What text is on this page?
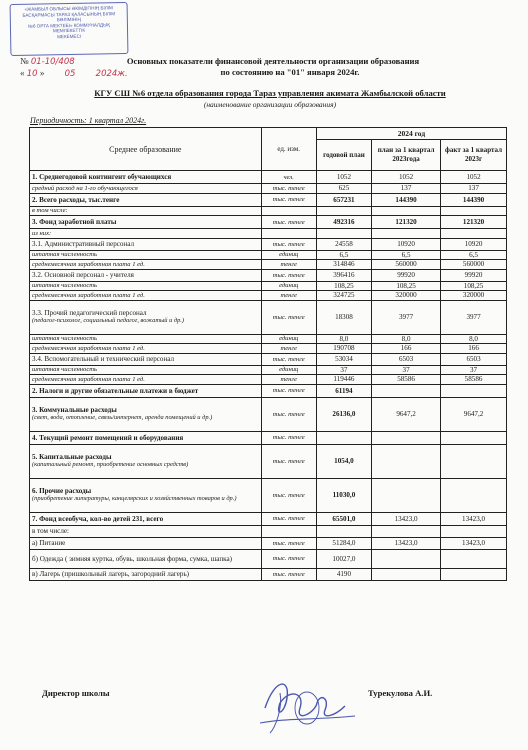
«ЖАМБЫЛ ОБЛЫСЫ ӘКІМДІГІНІҢ БІЛІМ
БАСҚАРМАСЫ ТАРАЗ ҚАЛАСЫНЫҢ БІЛІМ БӨЛІМІНІҢ
№6 ОРТА МЕКТЕБІ» КОММУНАЛДЫҚ МЕМЛЕКЕТТІК
МЕКЕМЕСІ
№ 01-10/408
« 10 » 05 2024ж.
Основных показатели финансовой деятельности организации образования
по состоянию на "01" января 2024г.
КГУ СШ №6 отдела образования города Тараз управления акимата Жамбылской области
(наименование организации образования)
Периодичность: 1 квартал 2024г.
Среднее образование	ед. изм.	2024 год		
		годовой план	план за 1 квартал 2023года	факт за 1 квартал 2023г
1. Среднегодовой контингент обучающихся	чел.	1052	1052	1052
средний расход на 1-го обучающегося	тыс. тенге	625	137	137
2. Всего расходы, тыс.тенге	тыс. тенге	657231	144390	144390
в том числе:				
3. Фонд заработной платы	тыс. тенге	492316	121320	121320
из них:				
3.1. Административный персонал	тыс. тенге	24558	10920	10920
штатная численность	единиц	6,5	6,5	6,5
среднемесячная заработная плата 1 ед.	тенге	314846	560000	560000
3.2. Основной персонал - учителя	тыс. тенге	396416	99920	99920
штатная численность	единиц	108,25	108,25	108,25
среднемесячная заработная плата 1 ед.	тенге	324725	320000	320000
3.3. Прочий педагогический персонал
(педагог-психолог, социальный педагог, вожатый и др.)	тыс. тенге	18308	3977	3977
штатная численность	единиц	8,0	8,0	8,0
среднемесячная заработная плата 1 ед.	тенге	190708	166	166
3.4. Вспомогательный и технический персонал	тыс. тенге	53034	6503	6503
штатная численность	единиц	37	37	37
среднемесячная заработная плата 1 ед.	тенге	119446	58586	58586
2. Налоги и другие обязательные платежи в бюджет	тыс. тенге	61194		
3. Коммунальные расходы
(свет, вода, отопление, связь/интернет, аренда помещений и др.)	тыс. тенге	26136,0	9647,2	9647,2
4. Текущий ремонт помещений и оборудования	тыс. тенге			
5. Капитальные расходы
(капитальный ремонт, приобретение основных средств)	тыс. тенге	1054,0		
6. Прочие расходы
(приобретение литературы, канцелярских и хозяйственных товаров и др.)	тыс. тенге	11030,0		
7. Фонд всеобуча, кол-во детей 231, всего	тыс. тенге	65501,0	13423,0	13423,0
в том числе:				
а) Питание	тыс. тенге	51284,0	13423,0	13423,0
б) Одежда ( зимняя куртка, обувь, школьная форма, сумка, шапка)	тыс. тенге	10027,0		
в) Лагерь (пришкольный лагерь, загородний лагерь)	тыс. тенге	4190		
Директор школы	Турекулова А.И.
